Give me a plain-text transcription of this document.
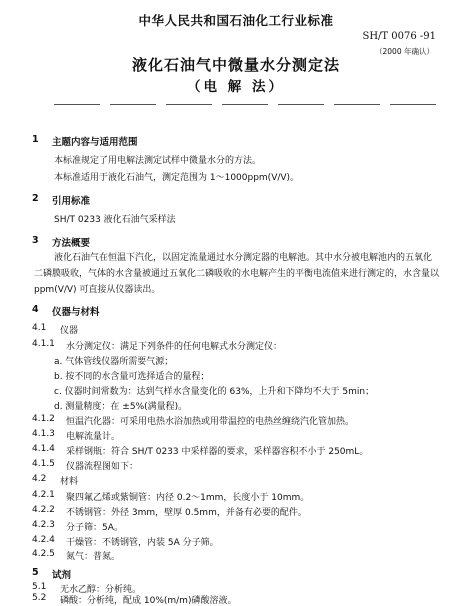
中华人民共和国石油化工行业标准
SH/T 0076 -91
（2000 年确认）
液化石油气中微量水分测定法
（电 解 法）
1 主题内容与适用范围
本标准规定了用电解法测定试样中微量水分的方法。
本标准适用于液化石油气，测定范围为 1～1000ppm(V/V)。
2 引用标准
SH/T 0233 液化石油气采样法
3 方法概要
液化石油气在恒温下汽化，以固定流量通过水分测定器的电解池。其中水分被电解池内的五氧化二磷膜吸收，气体的水含量被通过五氧化二磷吸收的水电解产生的平衡电流值来进行测定的，水含量以 ppm(V/V) 可直接从仪器读出。
4 仪器与材料
4.1 仪器
4.1.1 水分测定仪：满足下列条件的任何电解式水分测定仪：
a. 气体管线仪器所需要气源；
b. 按不同的水含量可选择适合的量程；
c. 仪器时间常数为：达到气样水含量变化的 63%，上升和下降均不大于 5min；
d. 测量精度：在 ±5%(满量程)。
4.1.2 恒温汽化器：可采用电热水浴加热或用带温控的电热丝缠绕汽化管加热。
4.1.3 电解流量计。
4.1.4 采样钢瓶：符合 SH/T 0233 中采样器的要求，采样器容积不小于 250mL。
4.1.5 仪器流程图如下：
4.2 材料
4.2.1 聚四氟乙烯或紫铜管：内径 0.2～1mm，长度小于 10mm。
4.2.2 不锈钢管：外径 3mm，壁厚 0.5mm，并备有必要的配件。
4.2.3 分子筛：5A。
4.2.4 干燥管：不锈钢管，内装 5A 分子筛。
4.2.5 氮气：普氮。
5 试剂
5.1 无水乙醇：分析纯。
5.2 磷酸：分析纯，配成 10%(m/m)磷酸溶液。
